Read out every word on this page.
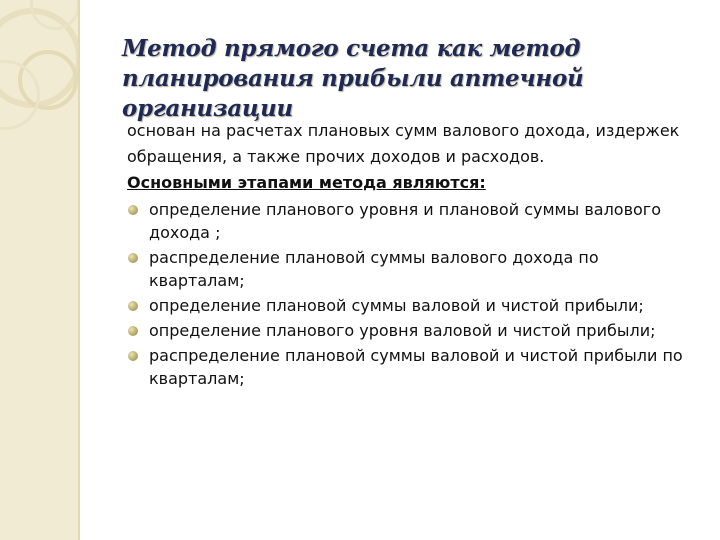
Метод прямого счета как метод планирования прибыли аптечной организации

основан на расчетах плановых сумм валового дохода, издержек обращения, а также прочих доходов и расходов.

Основными этапами метода являются:

определение планового уровня и плановой суммы валового дохода ;
распределение плановой суммы валового дохода по кварталам;
определение плановой суммы валовой и чистой прибыли;
определение планового уровня валовой и чистой прибыли;
распределение плановой суммы валовой и чистой прибыли по кварталам;
